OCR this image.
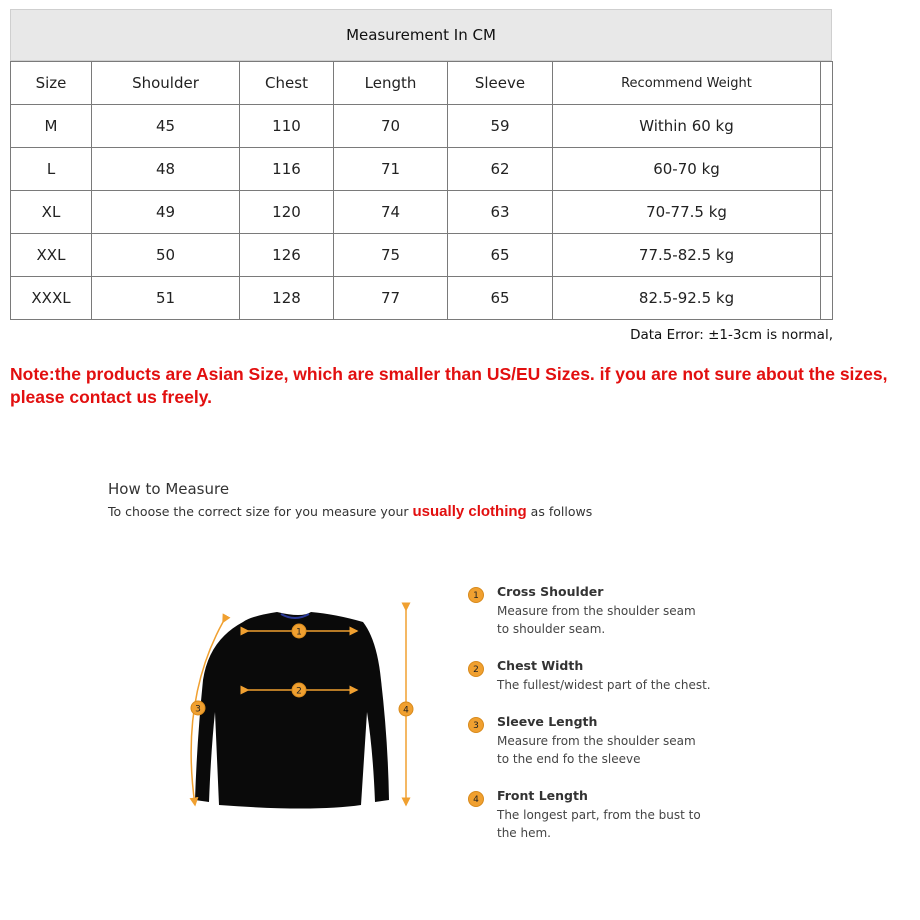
Measurement In CM
Size	Shoulder	Chest	Length	Sleeve	Recommend Weight	
M	45	110	70	59	Within 60 kg	
L	48	116	71	62	60-70 kg	
XL	49	120	74	63	70-77.5 kg	
XXL	50	126	75	65	77.5-82.5 kg	
XXXL	51	128	77	65	82.5-92.5 kg	
Data Error: ±1-3cm is normal,
Note:the products are Asian Size, which are smaller than US/EU Sizes. if you are not sure about the sizes,
please contact us freely.
How to Measure
To choose the correct size for you measure your usually clothing as follows
1
2
3	4
1	Cross Shoulder
Measure from the shoulder seam
to shoulder seam.
2	Chest Width
The fullest/widest part of the chest.
3	Sleeve Length
Measure from the shoulder seam
to the end fo the sleeve
4	Front Length
The longest part, from the bust to
the hem.
